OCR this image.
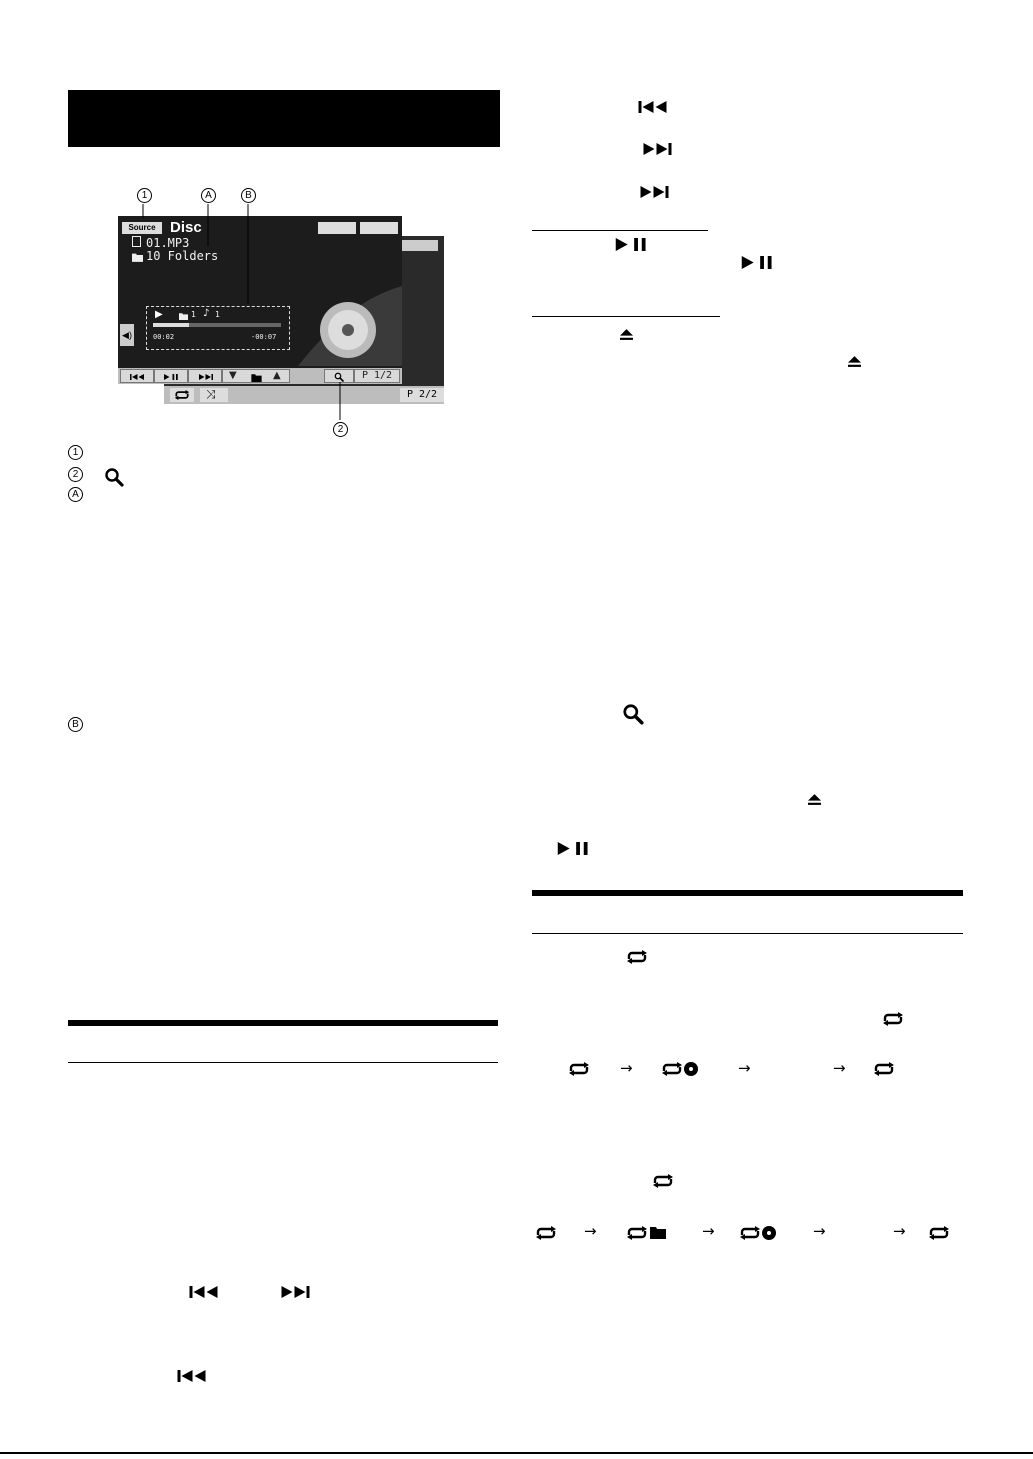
⤨	P 2/2
Source Disc
01.MP3
10 Folders
▶	1 ♪ 1
00:02	-00:07
◀)
▼	▲	P 1/2
1	A	B
2
1
2
A
B
→	→	→
→	→	→	→
